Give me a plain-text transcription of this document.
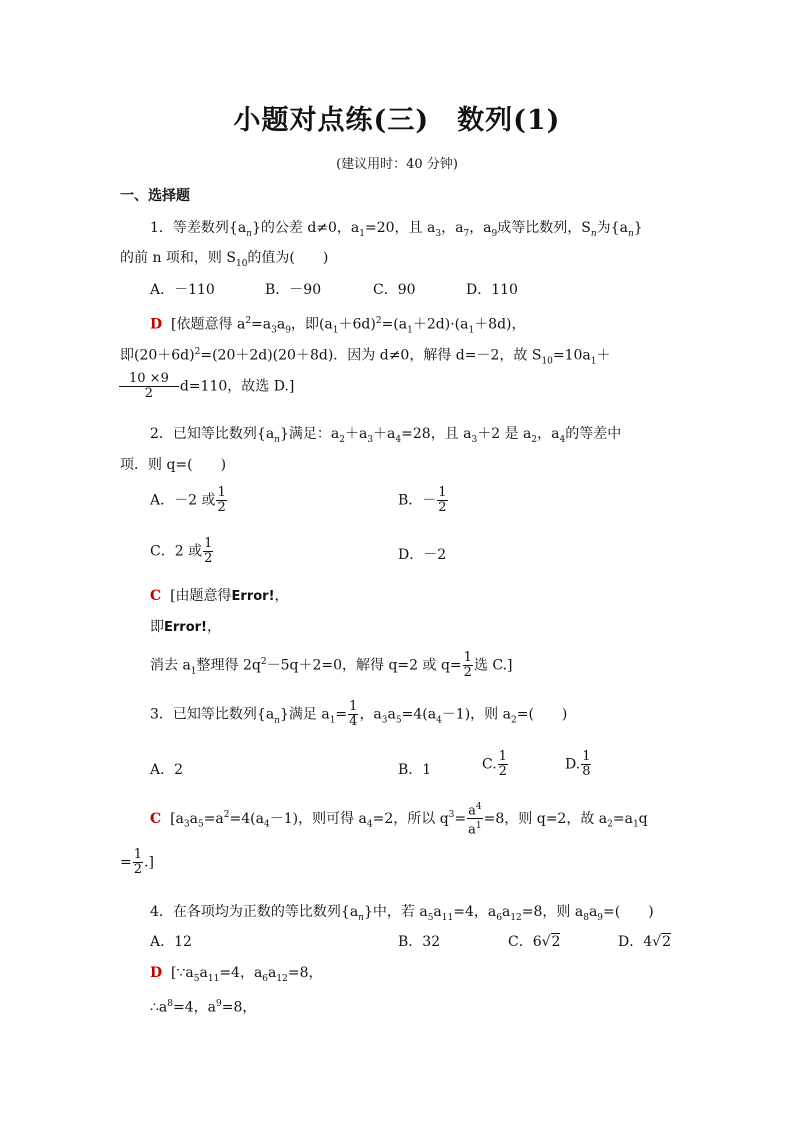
小题对点练(三)　数列(1)
(建议用时：40 分钟)
一、选择题
1．等差数列$\{a_n\}$的公差 d≠0，$a_1=20$，且 $a_3$，$a_7$，$a_9$成等比数列，$S_n$为$\{a_n\}$
的前 n 项和，则 $S_{10}$的值为(　　)
A．－110	B．－90	C．90	D．110
D [依题意得 $a^2=a_3a_9$，即$(a_1+6d)^2=(a_1+2d)\cdot(a_1+8d)$，
即$(20+6d)^2=(20+2d)(20+8d)$．因为 d≠0，解得 d=－2，故 $S_{10}=10a_1+$
$\frac{10 \times 9}{2} d=110$，故选 D.]
2．已知等比数列$\{a_n\}$满足：$a_2+a_3+a_4=28$，且 $a_3+2$ 是 $a_2$，$a_4$的等差中
项．则 q=(　　)
A．－2 或 $\frac{1}{2}$	B．－ $\frac{1}{2}$
C．2 或 $\frac{1}{2}$	D．－2
C [由题意得Error!，
即Error!，
消去 $a_1$整理得 $2q^2-5q+2=0$，解得 q=2 或 $q= \frac{1}{2}$ 选 C.]
3．已知等比数列$\{a_n\}$满足 $a_1= \frac{1}{4}$ ，$a_3a_5=4(a_4-1)$，则 $a_2=$(　　)
A．2	B．1	C. $\frac{1}{2}$	D. $\frac{1}{8}$
C [$a_3a_5=a^2=4(a_4-1)$，则可得 $a_4=2$，所以 $q^3= \frac{a^4}{a^1} =8$，则 q=2，故 $a_2=a_1q$
= $\frac{1}{2}$ .]
4．在各项均为正数的等比数列$\{a_n\}$中，若 $a_5a_{11}=4$，$a_6a_{12}=8$，则 $a_8a_9=$(　　)
A．12	B．32	C．6√2	D．4√2
D [$\because a_5a_{11}=4$，$a_6a_{12}=8$，
$\therefore a^8=4$，$a^9=8$，
